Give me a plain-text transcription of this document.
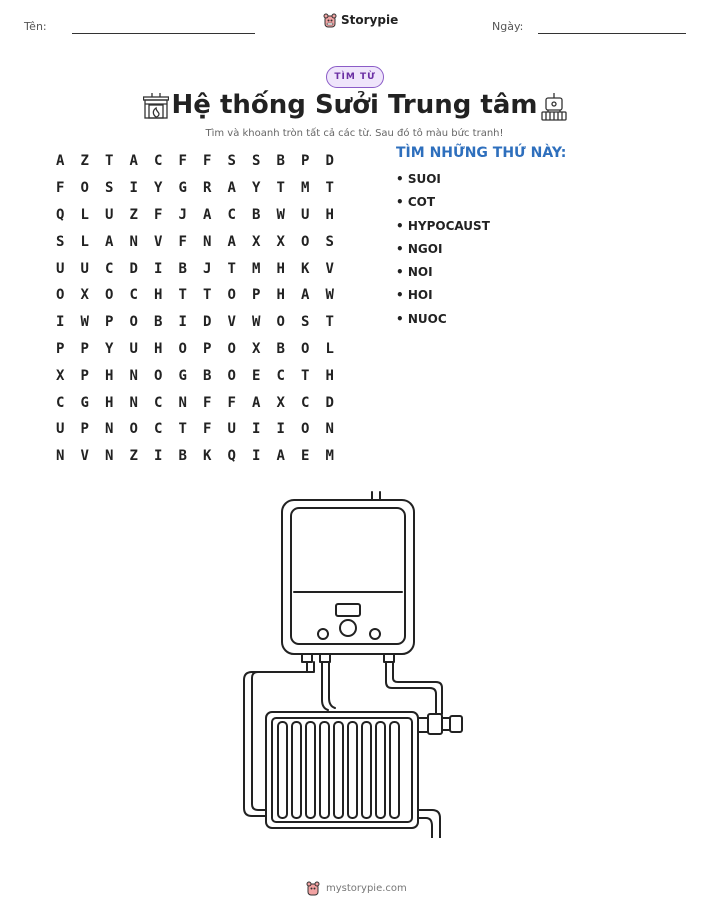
Tên:	Storypie	Ngày:
TÌM TỪ
Hệ thống Sưởi Trung tâm
Tìm và khoanh tròn tất cả các từ. Sau đó tô màu bức tranh!
A	Z	T	A	C	F	F	S	S	B	P	D
F	O	S	I	Y	G	R	A	Y	T	M	T
Q	L	U	Z	F	J	A	C	B	W	U	H
S	L	A	N	V	F	N	A	X	X	O	S
U	U	C	D	I	B	J	T	M	H	K	V
O	X	O	C	H	T	T	O	P	H	A	W
I	W	P	O	B	I	D	V	W	O	S	T
P	P	Y	U	H	O	P	O	X	B	O	L
X	P	H	N	O	G	B	O	E	C	T	H
C	G	H	N	C	N	F	F	A	X	C	D
U	P	N	O	C	T	F	U	I	I	O	N
N	V	N	Z	I	B	K	Q	I	A	E	M
TÌM NHỮNG THỨ NÀY:
• SUOI
• COT
• HYPOCAUST
• NGOI
• NOI
• HOI
• NUOC
mystorypie.com
